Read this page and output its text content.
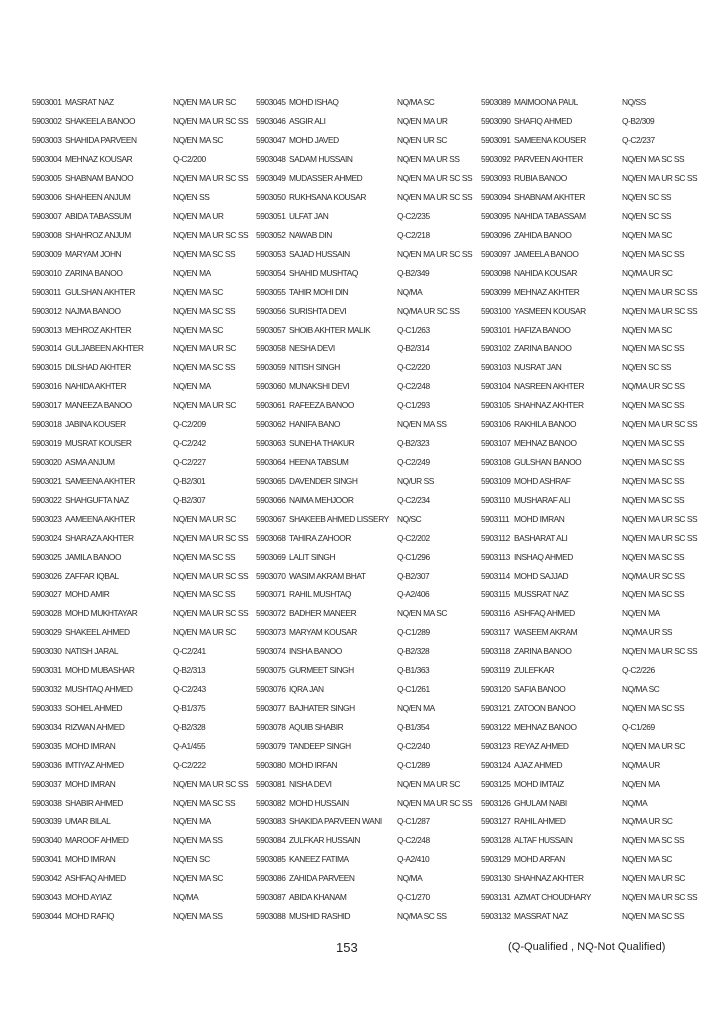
5903001 MASRAT NAZ	NQ/EN MA UR SC
5903002 SHAKEELA BANOO	NQ/EN MA UR SC SS
5903003 SHAHIDA PARVEEN	NQ/EN MA SC
5903004 MEHNAZ KOUSAR	Q-C2/200
5903005 SHABNAM BANOO	NQ/EN MA UR SC SS
5903006 SHAHEEN ANJUM	NQ/EN SS
5903007 ABIDA TABASSUM	NQ/EN MA UR
5903008 SHAHROZ ANJUM	NQ/EN MA UR SC SS
5903009 MARYAM JOHN	NQ/EN MA SC SS
5903010 ZARINA BANOO	NQ/EN MA
5903011 GULSHAN AKHTER	NQ/EN MA SC
5903012 NAJMA BANOO	NQ/EN MA SC SS
5903013 MEHROZ AKHTER	NQ/EN MA SC
5903014 GULJABEEN AKHTER	NQ/EN MA UR SC
5903015 DILSHAD AKHTER	NQ/EN MA SC SS
5903016 NAHIDA AKHTER	NQ/EN MA
5903017 MANEEZA BANOO	NQ/EN MA UR SC
5903018 JABINA KOUSER	Q-C2/209
5903019 MUSRAT KOUSER	Q-C2/242
5903020 ASMA ANJUM	Q-C2/227
5903021 SAMEENA AKHTER	Q-B2/301
5903022 SHAHGUFTA NAZ	Q-B2/307
5903023 AAMEENA AKHTER	NQ/EN MA UR SC
5903024 SHARAZA AKHTER	NQ/EN MA UR SC SS
5903025 JAMILA BANOO	NQ/EN MA SC SS
5903026 ZAFFAR IQBAL	NQ/EN MA UR SC SS
5903027 MOHD AMIR	NQ/EN MA SC SS
5903028 MOHD MUKHTAYAR	NQ/EN MA UR SC SS
5903029 SHAKEEL AHMED	NQ/EN MA UR SC
5903030 NATISH JARAL	Q-C2/241
5903031 MOHD MUBASHAR	Q-B2/313
5903032 MUSHTAQ AHMED	Q-C2/243
5903033 SOHIEL AHMED	Q-B1/375
5903034 RIZWAN AHMED	Q-B2/328
5903035 MOHD IMRAN	Q-A1/455
5903036 IMTIYAZ AHMED	Q-C2/222
5903037 MOHD IMRAN	NQ/EN MA UR SC SS
5903038 SHABIR AHMED	NQ/EN MA SC SS
5903039 UMAR BILAL	NQ/EN MA
5903040 MAROOF AHMED	NQ/EN MA SS
5903041 MOHD IMRAN	NQ/EN SC
5903042 ASHFAQ AHMED	NQ/EN MA SC
5903043 MOHD AYIAZ	NQ/MA
5903044 MOHD RAFIQ	NQ/EN MA SS
5903045 MOHD ISHAQ	NQ/MA SC
5903046 ASGIR ALI	NQ/EN MA UR
5903047 MOHD JAVED	NQ/EN UR SC
5903048 SADAM HUSSAIN	NQ/EN MA UR SS
5903049 MUDASSER AHMED	NQ/EN MA UR SC SS
5903050 RUKHSANA KOUSAR	NQ/EN MA UR SC SS
5903051 ULFAT JAN	Q-C2/235
5903052 NAWAB DIN	Q-C2/218
5903053 SAJAD HUSSAIN	NQ/EN MA UR SC SS
5903054 SHAHID MUSHTAQ	Q-B2/349
5903055 TAHIR MOHI DIN	NQ/MA
5903056 SURISHTA DEVI	NQ/MA UR SC SS
5903057 SHOIB AKHTER MALIK	Q-C1/263
5903058 NESHA DEVI	Q-B2/314
5903059 NITISH SINGH	Q-C2/220
5903060 MUNAKSHI DEVI	Q-C2/248
5903061 RAFEEZA BANOO	Q-C1/293
5903062 HANIFA BANO	NQ/EN MA SS
5903063 SUNEHA THAKUR	Q-B2/323
5903064 HEENA TABSUM	Q-C2/249
5903065 DAVENDER SINGH	NQ/UR SS
5903066 NAIMA MEHJOOR	Q-C2/234
5903067 SHAKEEB AHMED LISSERY NQ/SC
5903068 TAHIRA ZAHOOR	Q-C2/202
5903069 LALIT SINGH	Q-C1/296
5903070 WASIM AKRAM BHAT	Q-B2/307
5903071 RAHIL MUSHTAQ	Q-A2/406
5903072 BADHER MANEER	NQ/EN MA SC
5903073 MARYAM KOUSAR	Q-C1/289
5903074 INSHA BANOO	Q-B2/328
5903075 GURMEET SINGH	Q-B1/363
5903076 IQRA JAN	Q-C1/261
5903077 BAJHATER SINGH	NQ/EN MA
5903078 AQUIB SHABIR	Q-B1/354
5903079 TANDEEP SINGH	Q-C2/240
5903080 MOHD IRFAN	Q-C1/289
5903081 NISHA DEVI	NQ/EN MA UR SC
5903082 MOHD HUSSAIN	NQ/EN MA UR SC SS
5903083 SHAKIDA PARVEEN WANI	Q-C1/287
5903084 ZULFKAR HUSSAIN	Q-C2/248
5903085 KANEEZ FATIMA	Q-A2/410
5903086 ZAHIDA PARVEEN	NQ/MA
5903087 ABIDA KHANAM	Q-C1/270
5903088 MUSHID RASHID	NQ/MA SC SS
5903089 MAIMOONA PAUL	NQ/SS
5903090 SHAFIQ AHMED	Q-B2/309
5903091 SAMEENA KOUSER	Q-C2/237
5903092 PARVEEN AKHTER	NQ/EN MA SC SS
5903093 RUBIA BANOO	NQ/EN MA UR SC SS
5903094 SHABNAM AKHTER	NQ/EN SC SS
5903095 NAHIDA TABASSAM	NQ/EN SC SS
5903096 ZAHIDA BANOO	NQ/EN MA SC
5903097 JAMEELA BANOO	NQ/EN MA SC SS
5903098 NAHIDA KOUSAR	NQ/MA UR SC
5903099 MEHNAZ AKHTER	NQ/EN MA UR SC SS
5903100 YASMEEN KOUSAR	NQ/EN MA UR SC SS
5903101 HAFIZA BANOO	NQ/EN MA SC
5903102 ZARINA BANOO	NQ/EN MA SC SS
5903103 NUSRAT JAN	NQ/EN SC SS
5903104 NASREEN AKHTER	NQ/MA UR SC SS
5903105 SHAHNAZ AKHTER	NQ/EN MA SC SS
5903106 RAKHILA BANOO	NQ/EN MA UR SC SS
5903107 MEHNAZ BANOO	NQ/EN MA SC SS
5903108 GULSHAN BANOO	NQ/EN MA SC SS
5903109 MOHD ASHRAF	NQ/EN MA SC SS
5903110 MUSHARAF ALI	NQ/EN MA SC SS
5903111 MOHD IMRAN	NQ/EN MA UR SC SS
5903112 BASHARAT ALI	NQ/EN MA UR SC SS
5903113 INSHAQ AHMED	NQ/EN MA SC SS
5903114 MOHD SAJJAD	NQ/MA UR SC SS
5903115 MUSSRAT NAZ	NQ/EN MA SC SS
5903116 ASHFAQ AHMED	NQ/EN MA
5903117 WASEEM AKRAM	NQ/MA UR SS
5903118 ZARINA BANOO	NQ/EN MA UR SC SS
5903119 ZULEFKAR	Q-C2/226
5903120 SAFIA BANOO	NQ/MA SC
5903121 ZATOON BANOO	NQ/EN MA SC SS
5903122 MEHNAZ BANOO	Q-C1/269
5903123 REYAZ AHMED	NQ/EN MA UR SC
5903124 AJAZ AHMED	NQ/MA UR
5903125 MOHD IMTAIZ	NQ/EN MA
5903126 GHULAM NABI	NQ/MA
5903127 RAHIL AHMED	NQ/MA UR SC
5903128 ALTAF HUSSAIN	NQ/EN MA SC SS
5903129 MOHD ARFAN	NQ/EN MA SC
5903130 SHAHNAZ AKHTER	NQ/EN MA UR SC
5903131 AZMAT CHOUDHARY	NQ/EN MA UR SC SS
5903132 MASSRAT NAZ	NQ/EN MA SC SS
153	(Q-Qualified , NQ-Not Qualified)
